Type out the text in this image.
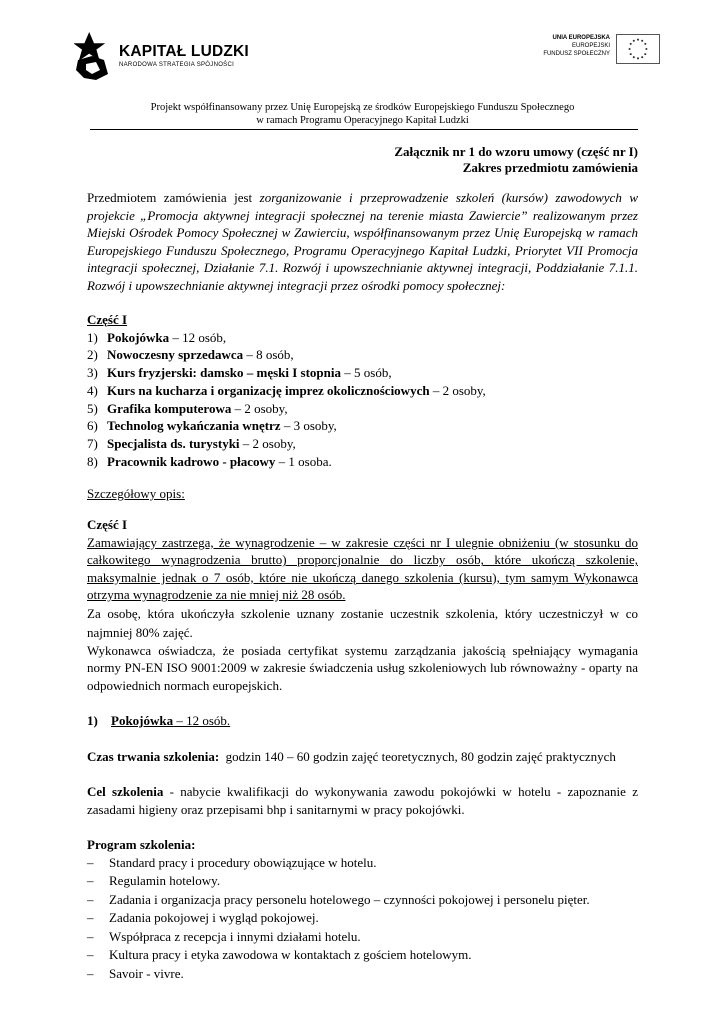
KAPITAŁ LUDZKI
NARODOWA STRATEGIA SPÓJNOŚCI
UNIA EUROPEJSKA
EUROPEJSKI
FUNDUSZ SPOŁECZNY
Projekt współfinansowany przez Unię Europejską ze środków Europejskiego Funduszu Społecznego
w ramach Programu Operacyjnego Kapitał Ludzki
Załącznik nr 1 do wzoru umowy (część nr I)
Zakres przedmiotu zamówienia

Przedmiotem zamówienia jest zorganizowanie i przeprowadzenie szkoleń (kursów) zawodowych w projekcie „Promocja aktywnej integracji społecznej na terenie miasta Zawiercie” realizowanym przez Miejski Ośrodek Pomocy Społecznej w Zawierciu, współfinansowanym przez Unię Europejską w ramach Europejskiego Funduszu Społecznego, Programu Operacyjnego Kapitał Ludzki, Priorytet VII Promocja integracji społecznej, Działanie 7.1. Rozwój i upowszechnianie aktywnej integracji, Poddziałanie 7.1.1. Rozwój i upowszechnianie aktywnej integracji przez ośrodki pomocy społecznej:

Część I
1) Pokojówka – 12 osób,
2) Nowoczesny sprzedawca – 8 osób,
3) Kurs fryzjerski: damsko – męski I stopnia – 5 osób,
4) Kurs na kucharza i organizację imprez okolicznościowych – 2 osoby,
5) Grafika komputerowa – 2 osoby,
6) Technolog wykańczania wnętrz – 3 osoby,
7) Specjalista ds. turystyki – 2 osoby,
8) Pracownik kadrowo - płacowy – 1 osoba.
Szczegółowy opis:
Część I

Zamawiający zastrzega, że wynagrodzenie – w zakresie części nr I ulegnie obniżeniu (w stosunku do całkowitego wynagrodzenia brutto) proporcjonalnie do liczby osób, które ukończą szkolenie, maksymalnie jednak o 7 osób, które nie ukończą danego szkolenia (kursu), tym samym Wykonawca otrzyma wynagrodzenie za nie mniej niż 28 osób.

Za osobę, która ukończyła szkolenie uznany zostanie uczestnik szkolenia, który uczestniczył w co najmniej 80% zajęć.

Wykonawca oświadcza, że posiada certyfikat systemu zarządzania jakością spełniający wymagania normy PN-EN ISO 9001:2009 w zakresie świadczenia usług szkoleniowych lub równoważny - oparty na odpowiednich normach europejskich.

1) Pokojówka – 12 osób.
Czas trwania szkolenia:  godzin 140 – 60 godzin zajęć teoretycznych, 80 godzin zajęć praktycznych

Cel szkolenia - nabycie kwalifikacji do wykonywania zawodu pokojówki w hotelu - zapoznanie z zasadami higieny oraz przepisami bhp i sanitarnymi w pracy pokojówki.

Program szkolenia:
– Standard pracy i procedury obowiązujące w hotelu.
– Regulamin hotelowy.
– Zadania i organizacja pracy personelu hotelowego – czynności pokojowej i personelu pięter.
– Zadania pokojowej i wygląd pokojowej.
– Współpraca z recepcja i innymi działami hotelu.
– Kultura pracy i etyka zawodowa w kontaktach z gościem hotelowym.
– Savoir - vivre.
